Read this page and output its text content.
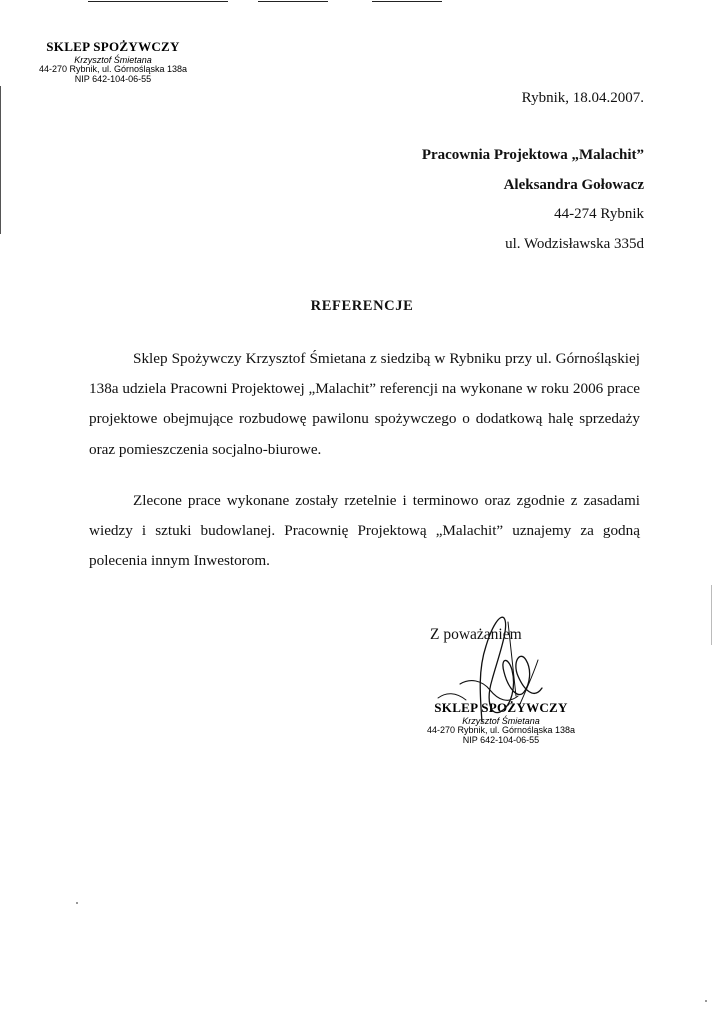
SKLEP SPOŻYWCZY
Krzysztof Śmietana
44-270 Rybnik, ul. Górnośląska 138a
NIP 642-104-06-55
Rybnik, 18.04.2007.
Pracownia Projektowa „Malachit”
Aleksandra Gołowacz
44-274 Rybnik
ul. Wodzisławska 335d
REFERENCJE

Sklep Spożywczy Krzysztof Śmietana z siedzibą w Rybniku przy ul. Górnośląskiej 138a udziela Pracowni Projektowej „Malachit” referencji na wykonane w roku 2006 prace projektowe obejmujące rozbudowę pawilonu spożywczego o dodatkową halę sprzedaży oraz pomieszczenia socjalno-biurowe.

Zlecone prace wykonane zostały rzetelnie i terminowo oraz zgodnie z zasadami wiedzy i sztuki budowlanej. Pracownię Projektową „Malachit” uznajemy za godną polecenia innym Inwestorom.

Z poważaniem
SKLEP SPOŻYWCZY
Krzysztof Śmietana
44-270 Rybnik, ul. Górnośląska 138a
NIP 642-104-06-55
